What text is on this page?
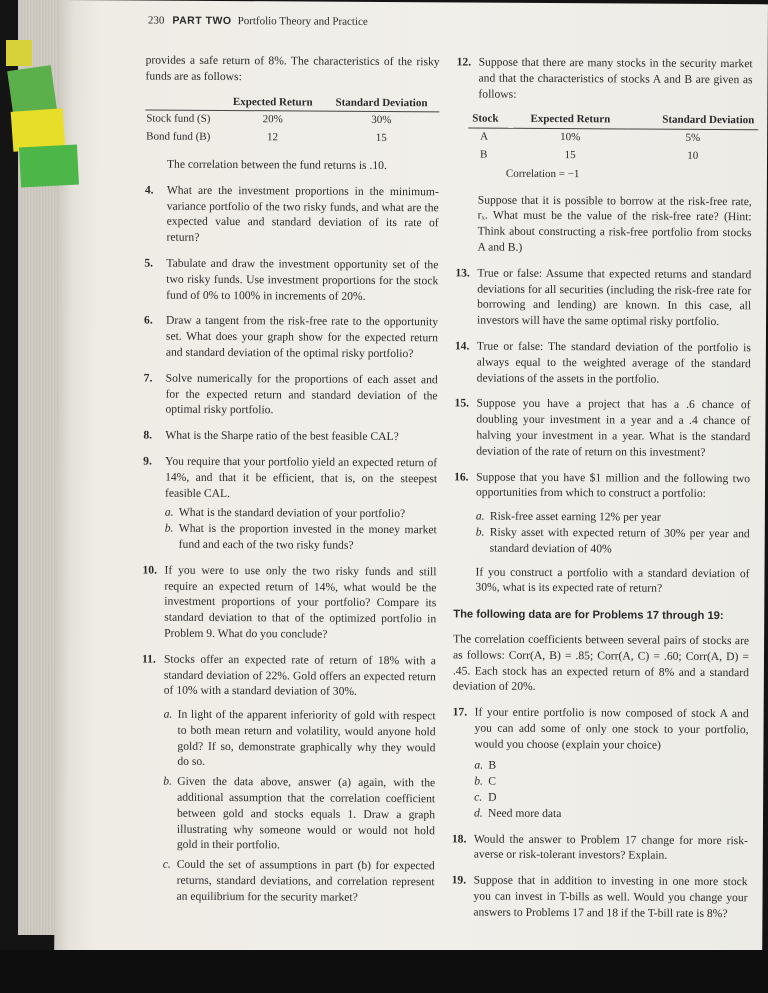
230 PART TWO Portfolio Theory and Practice

provides a safe return of 8%. The characteristics of the risky funds are as follows:

	Expected Return	Standard Deviation
Stock fund (S)	20%	30%
Bond fund (B)	12	15

The correlation between the fund returns is .10.

4. What are the investment proportions in the minimum-variance portfolio of the two risky funds, and what are the expected value and standard deviation of its rate of return?

5. Tabulate and draw the investment opportunity set of the two risky funds. Use investment proportions for the stock fund of 0% to 100% in increments of 20%.

6. Draw a tangent from the risk-free rate to the opportunity set. What does your graph show for the expected return and standard deviation of the optimal risky portfolio?

7. Solve numerically for the proportions of each asset and for the expected return and standard deviation of the optimal risky portfolio.

8. What is the Sharpe ratio of the best feasible CAL?

9. You require that your portfolio yield an expected return of 14%, and that it be efficient, that is, on the steepest feasible CAL.

a. What is the standard deviation of your portfolio?
b. What is the proportion invested in the money market fund and each of the two risky funds?
10. If you were to use only the two risky funds and still require an expected return of 14%, what would be the investment proportions of your portfolio? Compare its standard deviation to that of the optimized portfolio in Problem 9. What do you conclude?

11. Stocks offer an expected rate of return of 18% with a standard deviation of 22%. Gold offers an expected return of 10% with a standard deviation of 30%.

a. In light of the apparent inferiority of gold with respect to both mean return and volatility, would anyone hold gold? If so, demonstrate graphically why they would do so.
b. Given the data above, answer (a) again, with the additional assumption that the correlation coefficient between gold and stocks equals 1. Draw a graph illustrating why someone would or would not hold gold in their portfolio.
c. Could the set of assumptions in part (b) for expected returns, standard deviations, and correlation represent an equilibrium for the security market?
12. Suppose that there are many stocks in the security market and that the characteristics of stocks A and B are given as follows:

Stock	Expected Return	Standard Deviation
A	10%	5%
B	15	10

Correlation = −1

Suppose that it is possible to borrow at the risk-free rate, rₓ. What must be the value of the risk-free rate? (Hint: Think about constructing a risk-free portfolio from stocks A and B.)

13. True or false: Assume that expected returns and standard deviations for all securities (including the risk-free rate for borrowing and lending) are known. In this case, all investors will have the same optimal risky portfolio.

14. True or false: The standard deviation of the portfolio is always equal to the weighted average of the standard deviations of the assets in the portfolio.

15. Suppose you have a project that has a .6 chance of doubling your investment in a year and a .4 chance of halving your investment in a year. What is the standard deviation of the rate of return on this investment?

16. Suppose that you have $1 million and the following two opportunities from which to construct a portfolio:

a. Risk-free asset earning 12% per year
b. Risky asset with expected return of 30% per year and standard deviation of 40%

If you construct a portfolio with a standard deviation of 30%, what is its expected rate of return?

The following data are for Problems 17 through 19:

The correlation coefficients between several pairs of stocks are as follows: Corr(A, B) = .85; Corr(A, C) = .60; Corr(A, D) = .45. Each stock has an expected return of 8% and a standard deviation of 20%.

17. If your entire portfolio is now composed of stock A and you can add some of only one stock to your portfolio, would you choose (explain your choice)

a. B
b. C
c. D
d. Need more data
18. Would the answer to Problem 17 change for more risk-averse or risk-tolerant investors? Explain.

19. Suppose that in addition to investing in one more stock you can invest in T-bills as well. Would you change your answers to Problems 17 and 18 if the T-bill rate is 8%?
